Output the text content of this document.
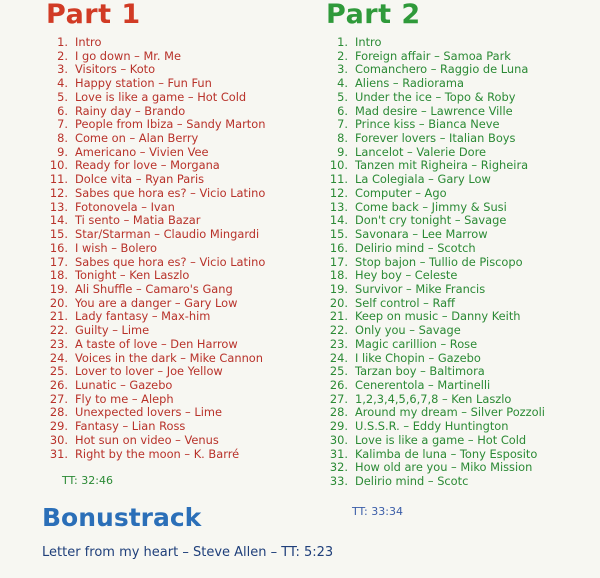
Part 1
1. Intro
2. I go down – Mr. Me
3. Visitors – Koto
4. Happy station – Fun Fun
5. Love is like a game – Hot Cold
6. Rainy day – Brando
7. People from Ibiza – Sandy Marton
8. Come on – Alan Berry
9. Americano – Vivien Vee
10. Ready for love – Morgana
11. Dolce vita – Ryan Paris
12. Sabes que hora es? – Vicio Latino
13. Fotonovela – Ivan
14. Ti sento – Matia Bazar
15. Star/Starman – Claudio Mingardi
16. I wish – Bolero
17. Sabes que hora es? – Vicio Latino
18. Tonight – Ken Laszlo
19. Ali Shuffle – Camaro's Gang
20. You are a danger – Gary Low
21. Lady fantasy – Max-him
22. Guilty – Lime
23. A taste of love – Den Harrow
24. Voices in the dark – Mike Cannon
25. Lover to lover – Joe Yellow
26. Lunatic – Gazebo
27. Fly to me – Aleph
28. Unexpected lovers – Lime
29. Fantasy – Lian Ross
30. Hot sun on video – Venus
31. Right by the moon – K. Barré
TT: 32:46
Part 2
1. Intro
2. Foreign affair – Samoa Park
3. Comanchero – Raggio de Luna
4. Aliens – Radiorama
5. Under the ice – Topo & Roby
6. Mad desire – Lawrence Ville
7. Prince kiss – Bianca Neve
8. Forever lovers – Italian Boys
9. Lancelot – Valerie Dore
10. Tanzen mit Righeira – Righeira
11. La Colegiala – Gary Low
12. Computer – Ago
13. Come back – Jimmy & Susi
14. Don't cry tonight – Savage
15. Savonara – Lee Marrow
16. Delirio mind – Scotch
17. Stop bajon – Tullio de Piscopo
18. Hey boy – Celeste
19. Survivor – Mike Francis
20. Self control – Raff
21. Keep on music – Danny Keith
22. Only you – Savage
23. Magic carillion – Rose
24. I like Chopin – Gazebo
25. Tarzan boy – Baltimora
26. Cenerentola – Martinelli
27. 1,2,3,4,5,6,7,8 – Ken Laszlo
28. Around my dream – Silver Pozzoli
29. U.S.S.R. – Eddy Huntington
30. Love is like a game – Hot Cold
31. Kalimba de luna – Tony Esposito
32. How old are you – Miko Mission
33. Delirio mind – Scotc
TT: 33:34
Bonustrack
Letter from my heart – Steve Allen – TT: 5:23
